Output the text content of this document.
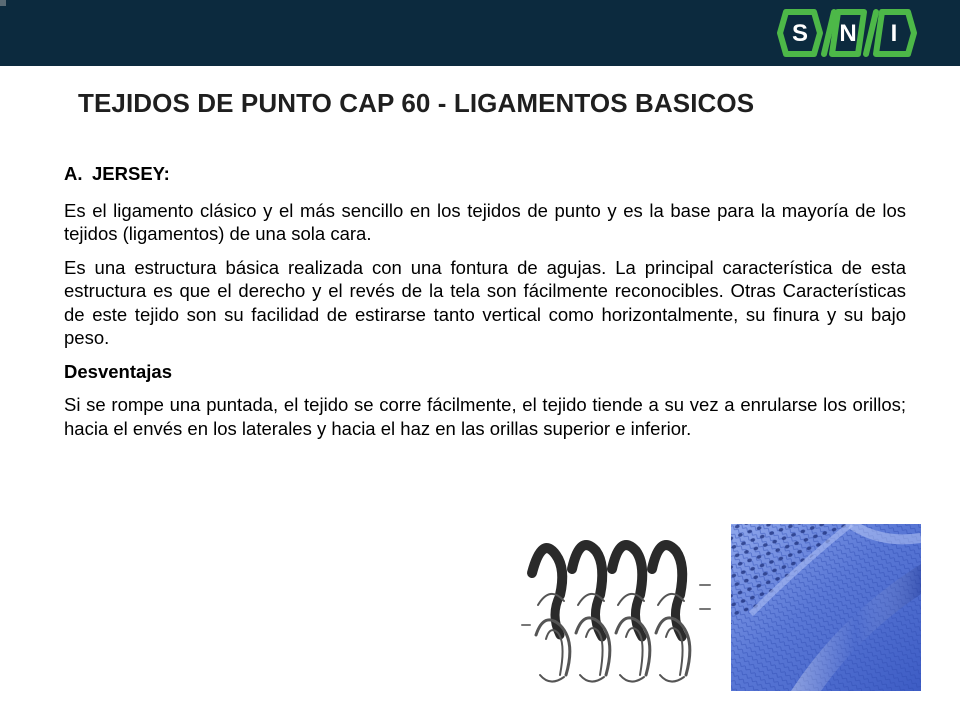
S N I
TEJIDOS DE PUNTO CAP 60 - LIGAMENTOS BASICOS
A. JERSEY:

Es el ligamento clásico y el más sencillo en los tejidos de punto y es la base para la mayoría de los tejidos (ligamentos) de una sola cara.

Es una estructura básica realizada con una fontura de agujas. La principal característica de esta estructura es que el derecho y el revés de la tela son fácilmente reconocibles. Otras Características de este tejido son su facilidad de estirarse tanto vertical como horizontalmente, su finura y su bajo peso.

Desventajas

Si se rompe una puntada, el tejido se corre fácilmente, el tejido tiende a su vez a enrularse los orillos; hacia el envés en los laterales y hacia el haz en las orillas superior e inferior.
